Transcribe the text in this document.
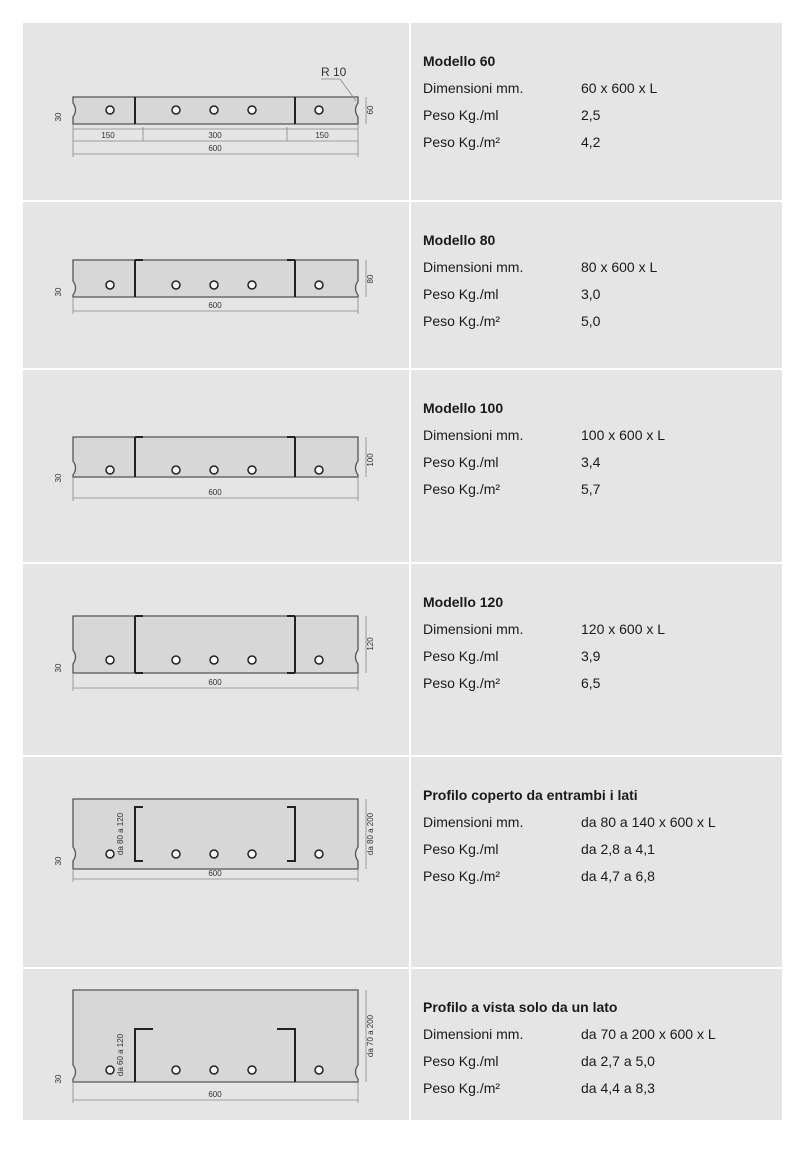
150	300	150
600
R 10
60
30
Modello 60
Dimensioni mm.	60 x 600 x L
Peso Kg./ml	2,5
Peso Kg./m²	4,2
600
80
30
Modello 80
Dimensioni mm.	80 x 600 x L
Peso Kg./ml	3,0
Peso Kg./m²	5,0
600
100
30
Modello 100
Dimensioni mm.	100 x 600 x L
Peso Kg./ml	3,4
Peso Kg./m²	5,7
600
120
30
Modello 120
Dimensioni mm.	120 x 600 x L
Peso Kg./ml	3,9
Peso Kg./m²	6,5
600
da 80 a 200
da 80 a 120
30
Profilo coperto da entrambi i lati
Dimensioni mm.	da 80 a 140 x 600 x L
Peso Kg./ml	da 2,8 a 4,1
Peso Kg./m²	da 4,7 a 6,8
600
da 70 a 200
da 60 a 120
30
Profilo a vista solo da un lato
Dimensioni mm.	da 70 a 200 x 600 x L
Peso Kg./ml	da 2,7 a 5,0
Peso Kg./m²	da 4,4 a 8,3
